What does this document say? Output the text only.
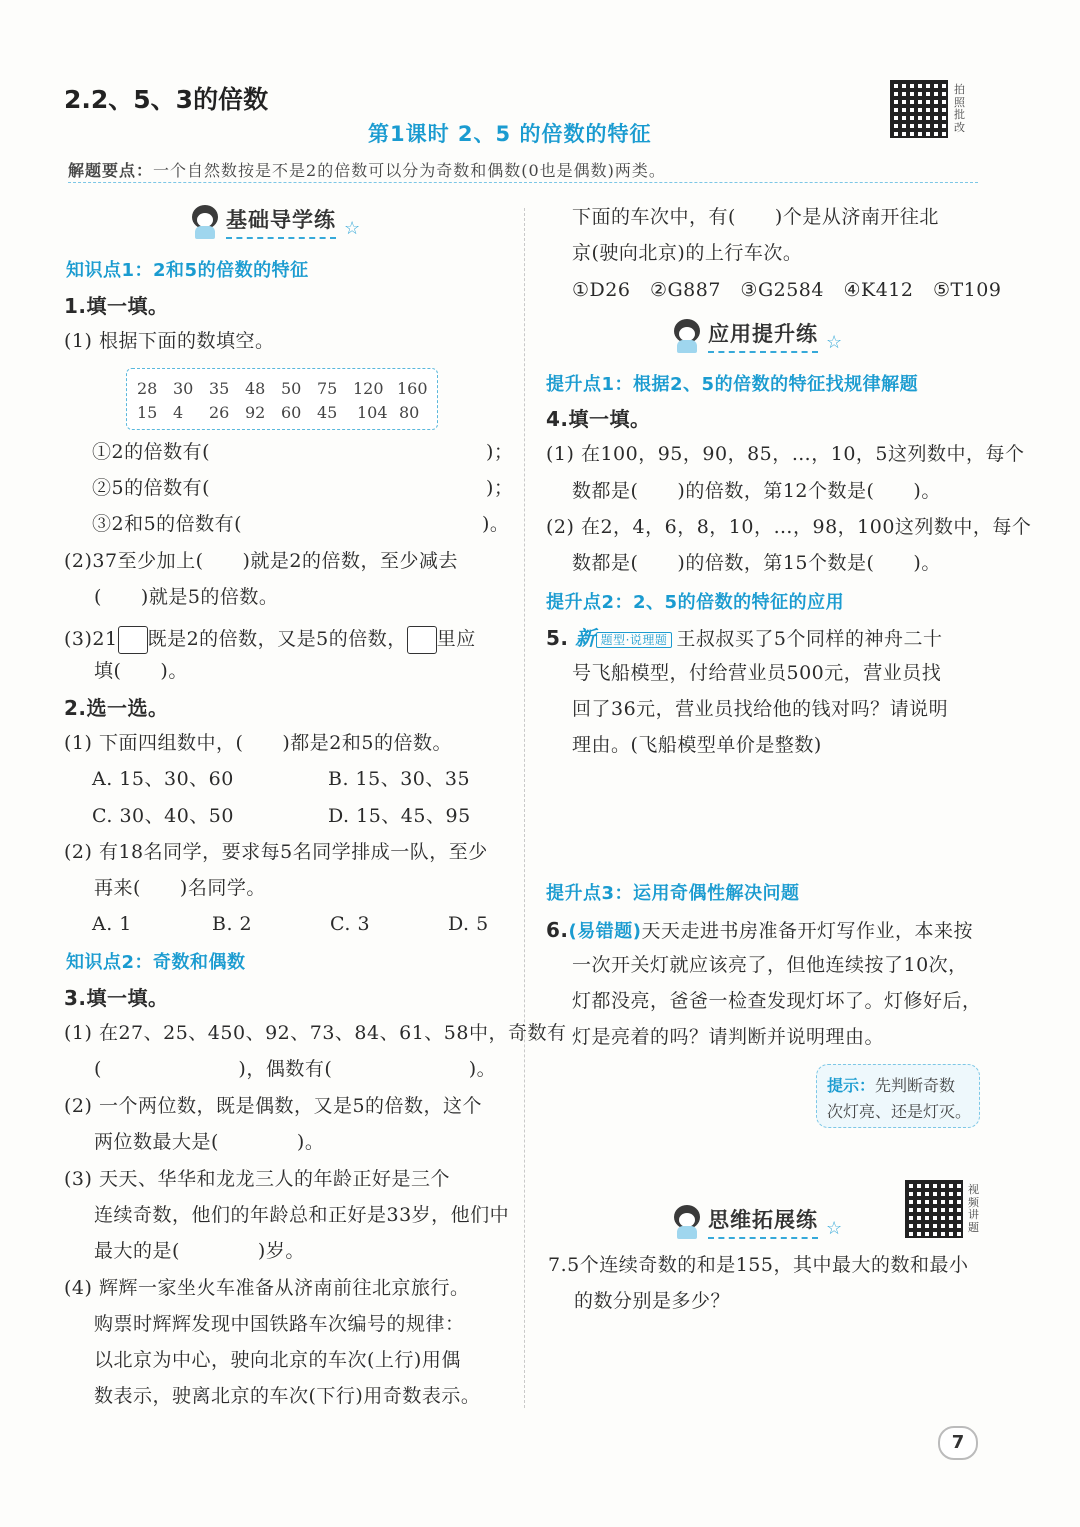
2.2、5、3的倍数
第1课时 2、5 的倍数的特征
拍照批改
解题要点：一个自然数按是不是2的倍数可以分为奇数和偶数(0也是偶数)两类。
基础导学练 ☆
知识点1：2和5的倍数的特征
1.填一填。
(1) 根据下面的数填空。
28 30 35 48 50 75 120 160
15 4 26 92 60 45 104 80
①2的倍数有(	)；
②5的倍数有(	)；
③2和5的倍数有(	)。
(2)37至少加上(　　)就是2的倍数，至少减去
(　　)就是5的倍数。
(3)21 既是2的倍数，又是5的倍数， 里应
填(　　)。
2.选一选。
(1) 下面四组数中，(　　)都是2和5的倍数。
A. 15、30、60	B. 15、30、35
C. 30、40、50	D. 15、45、95
(2) 有18名同学，要求每5名同学排成一队，至少
再来(　　)名同学。
A. 1	B. 2	C. 3	D. 5
知识点2：奇数和偶数
3.填一填。
(1) 在27、25、450、92、73、84、61、58中，奇数有
(　　　　　　　)，偶数有(　　　　　　　)。
(2) 一个两位数，既是偶数，又是5的倍数，这个
两位数最大是(　　　　)。
(3) 天天、华华和龙龙三人的年龄正好是三个
连续奇数，他们的年龄总和正好是33岁，他们中
最大的是(　　　　)岁。
(4) 辉辉一家坐火车准备从济南前往北京旅行。
购票时辉辉发现中国铁路车次编号的规律：
以北京为中心，驶向北京的车次(上行)用偶
数表示，驶离北京的车次(下行)用奇数表示。
下面的车次中，有(　　)个是从济南开往北
京(驶向北京)的上行车次。
①D26　②G887　③G2584　④K412　⑤T109
应用提升练 ☆
提升点1：根据2、5的倍数的特征找规律解题
4.填一填。
(1) 在100，95，90，85，…，10，5这列数中，每个
数都是(　　)的倍数，第12个数是(　　)。
(2) 在2，4，6，8，10，…，98，100这列数中，每个
数都是(　　)的倍数，第15个数是(　　)。
提升点2：2、5的倍数的特征的应用
5. 新 题型·说理题 王叔叔买了5个同样的神舟二十
号飞船模型，付给营业员500元，营业员找
回了36元，营业员找给他的钱对吗？请说明
理由。(飞船模型单价是整数)
提升点3：运用奇偶性解决问题
6.(易错题)天天走进书房准备开灯写作业，本来按
一次开关灯就应该亮了，但他连续按了10次，
灯都没亮，爸爸一检查发现灯坏了。灯修好后，
灯是亮着的吗？请判断并说明理由。
提示：先判断奇数
次灯亮、还是灯灭。
视频讲题
思维拓展练 ☆
7.5个连续奇数的和是155，其中最大的数和最小
的数分别是多少？
7
